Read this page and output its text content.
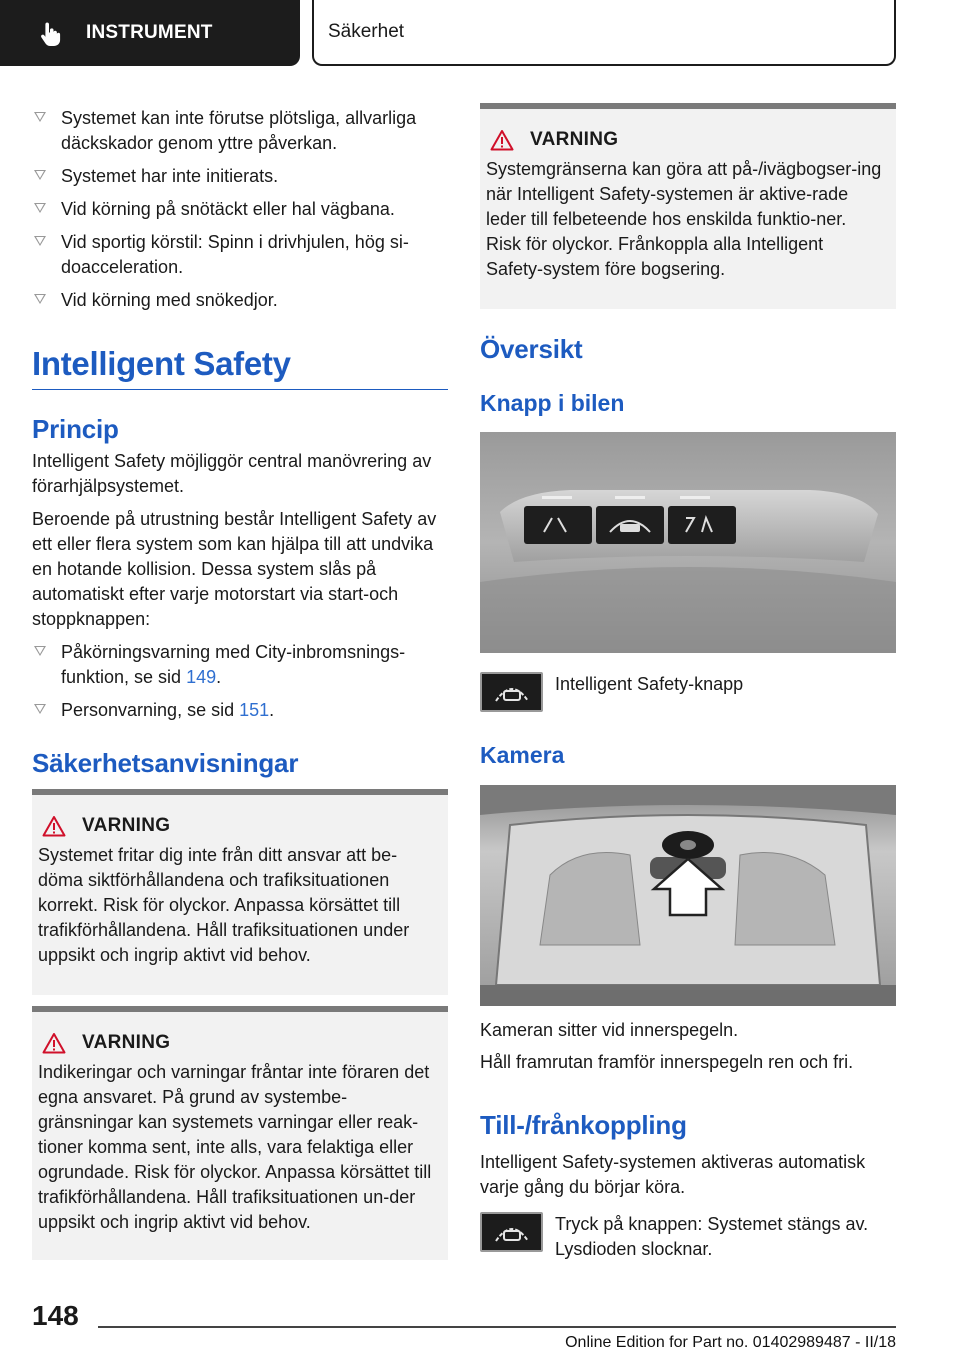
INSTRUMENT	Säkerhet
Systemet kan inte förutse plötsliga, allvarliga däckskador genom yttre påverkan.
Systemet har inte initierats.
Vid körning på snötäckt eller hal vägbana.
Vid sportig körstil: Spinn i drivhjulen, hög si-doacceleration.
Vid körning med snökedjor.
Intelligent Safety
Princip

Intelligent Safety möjliggör central manövrering av förarhjälpsystemet.

Beroende på utrustning består Intelligent Safety av ett eller flera system som kan hjälpa till att undvika en hotande kollision. Dessa system slås på automatiskt efter varje motorstart via start-och stoppknappen:

Påkörningsvarning med City-inbromsnings-funktion, se sid 149.
Personvarning, se sid 151.
Säkerhetsanvisningar
VARNING

Systemet fritar dig inte från ditt ansvar att be-döma siktförhållandena och trafiksituationen korrekt. Risk för olyckor. Anpassa körsättet till trafikförhållandena. Håll trafiksituationen under uppsikt och ingrip aktivt vid behov.

VARNING

Indikeringar och varningar fråntar inte föraren det egna ansvaret. På grund av systembe-gränsningar kan systemets varningar eller reak-tioner komma sent, inte alls, vara felaktiga eller ogrundade. Risk för olyckor. Anpassa körsättet till trafikförhållandena. Håll trafiksituationen un-der uppsikt och ingrip aktivt vid behov.

VARNING

Systemgränserna kan göra att på-/ivägbogser-ing när Intelligent Safety-systemen är aktive-rade leder till felbeteende hos enskilda funktio-ner. Risk för olyckor. Frånkoppla alla Intelligent Safety-system före bogsering.

Översikt
Knapp i bilen
Intelligent Safety-knapp
Kamera

Kameran sitter vid innerspegeln.

Håll framrutan framför innerspegeln ren och fri.

Till-/frånkoppling

Intelligent Safety-systemen aktiveras automatisk varje gång du börjar köra.

Tryck på knappen: Systemet stängs av. Lysdioden slocknar.
148
Online Edition for Part no. 01402989487 - II/18
